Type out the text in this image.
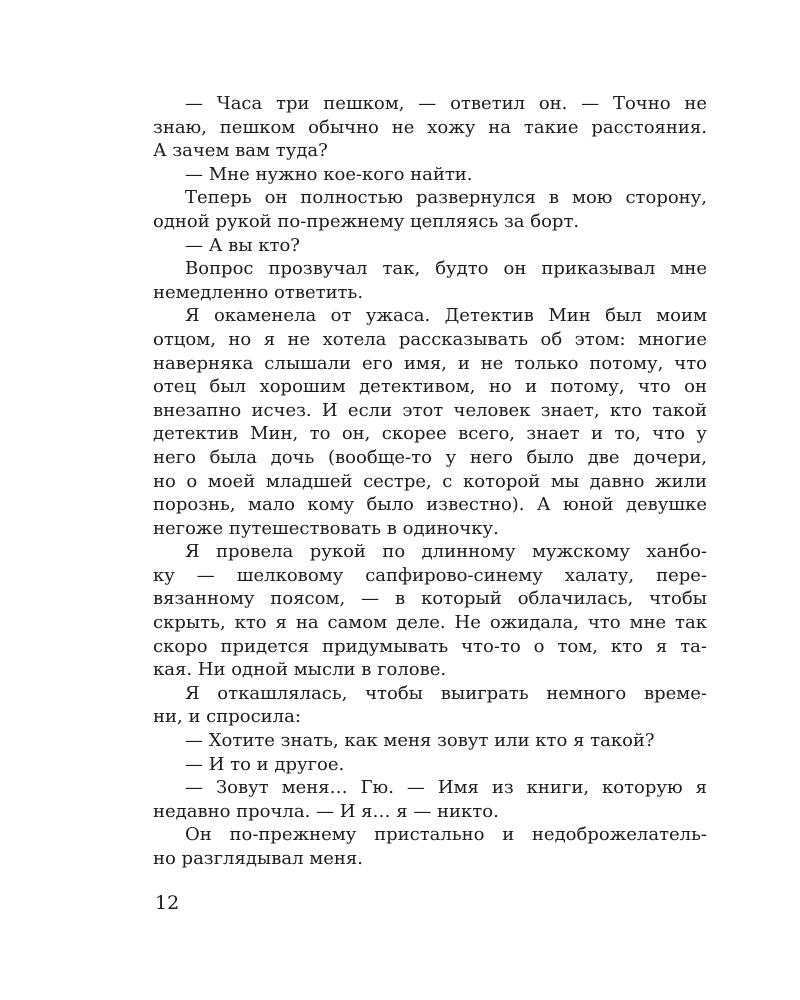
— Часа три пешком, — ответил он. — Точно не
знаю, пешком обычно не хожу на такие расстояния.
А зачем вам туда?
— Мне нужно кое-кого найти.
Теперь он полностью развернулся в мою сторону,
одной рукой по-прежнему цепляясь за борт.
— А вы кто?
Вопрос прозвучал так, будто он приказывал мне
немедленно ответить.
Я окаменела от ужаса. Детектив Мин был моим
отцом, но я не хотела рассказывать об этом: многие
наверняка слышали его имя, и не только потому, что
отец был хорошим детективом, но и потому, что он
внезапно исчез. И если этот человек знает, кто такой
детектив Мин, то он, скорее всего, знает и то, что у
него была дочь (вообще-то у него было две дочери,
но о моей младшей сестре, с которой мы давно жили
порознь, мало кому было известно). А юной девушке
негоже путешествовать в одиночку.
Я провела рукой по длинному мужскому ханбо-
ку — шелковому сапфирово-синему халату, пере-
вязанному поясом, — в который облачилась, чтобы
скрыть, кто я на самом деле. Не ожидала, что мне так
скоро придется придумывать что-то о том, кто я та-
кая. Ни одной мысли в голове.
Я откашлялась, чтобы выиграть немного време-
ни, и спросила:
— Хотите знать, как меня зовут или кто я такой?
— И то и другое.
— Зовут меня… Гю. — Имя из книги, которую я
недавно прочла. — И я… я — никто.
Он по-прежнему пристально и недоброжелатель-
но разглядывал меня.
12
